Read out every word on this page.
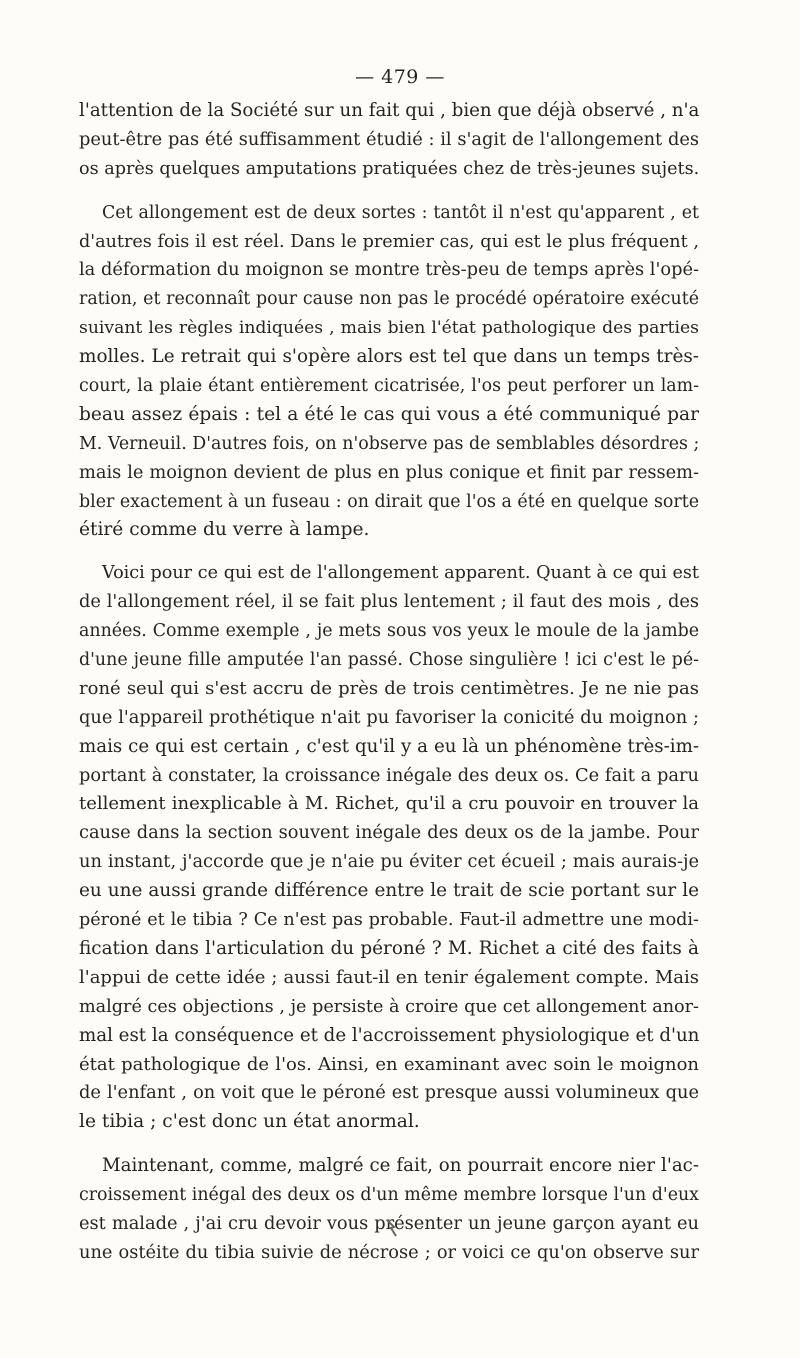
— 479 —
l'attention de la Société sur un fait qui , bien que déjà observé , n'a
peut-être pas été suffisamment étudié : il s'agit de l'allongement des
os après quelques amputations pratiquées chez de très-jeunes sujets.
Cet allongement est de deux sortes : tantôt il n'est qu'apparent , et
d'autres fois il est réel. Dans le premier cas, qui est le plus fréquent ,
la déformation du moignon se montre très-peu de temps après l'opé-
ration, et reconnaît pour cause non pas le procédé opératoire exécuté
suivant les règles indiquées , mais bien l'état pathologique des parties
molles. Le retrait qui s'opère alors est tel que dans un temps très-
court, la plaie étant entièrement cicatrisée, l'os peut perforer un lam-
beau assez épais : tel a été le cas qui vous a été communiqué par
M. Verneuil. D'autres fois, on n'observe pas de semblables désordres ;
mais le moignon devient de plus en plus conique et finit par ressem-
bler exactement à un fuseau : on dirait que l'os a été en quelque sorte
étiré comme du verre à lampe.
Voici pour ce qui est de l'allongement apparent. Quant à ce qui est
de l'allongement réel, il se fait plus lentement ; il faut des mois , des
années. Comme exemple , je mets sous vos yeux le moule de la jambe
d'une jeune fille amputée l'an passé. Chose singulière ! ici c'est le pé-
roné seul qui s'est accru de près de trois centimètres. Je ne nie pas
que l'appareil prothétique n'ait pu favoriser la conicité du moignon ;
mais ce qui est certain , c'est qu'il y a eu là un phénomène très-im-
portant à constater, la croissance inégale des deux os. Ce fait a paru
tellement inexplicable à M. Richet, qu'il a cru pouvoir en trouver la
cause dans la section souvent inégale des deux os de la jambe. Pour
un instant, j'accorde que je n'aie pu éviter cet écueil ; mais aurais-je
eu une aussi grande différence entre le trait de scie portant sur le
péroné et le tibia ? Ce n'est pas probable. Faut-il admettre une modi-
fication dans l'articulation du péroné ? M. Richet a cité des faits à
l'appui de cette idée ; aussi faut-il en tenir également compte. Mais
malgré ces objections , je persiste à croire que cet allongement anor-
mal est la conséquence et de l'accroissement physiologique et d'un
état pathologique de l'os. Ainsi, en examinant avec soin le moignon
de l'enfant , on voit que le péroné est presque aussi volumineux que
le tibia ; c'est donc un état anormal.
Maintenant, comme, malgré ce fait, on pourrait encore nier l'ac-
croissement inégal des deux os d'un même membre lorsque l'un d'eux
est malade , j'ai cru devoir vous présenter un jeune garçon ayant eu
une ostéite du tibia suivie de nécrose ; or voici ce qu'on observe sur
